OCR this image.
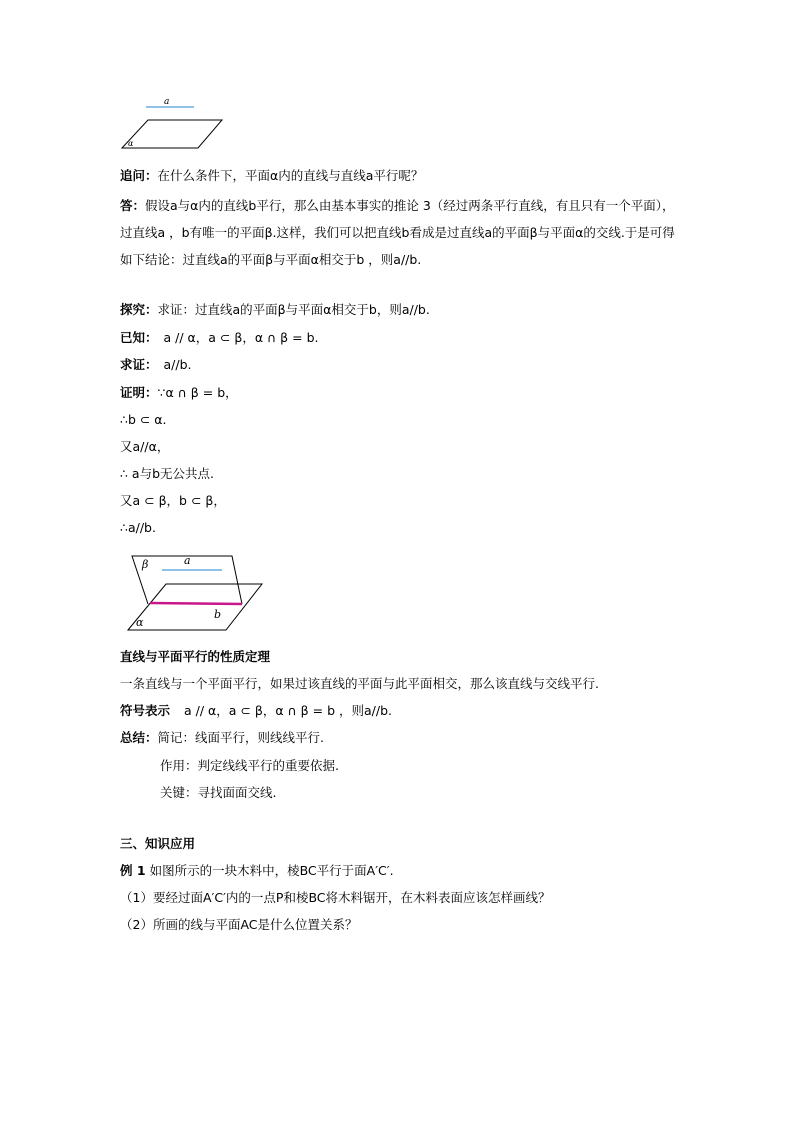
a
α
追问：在什么条件下，平面α内的直线与直线a平行呢？
答：假设a与α内的直线b平行，那么由基本事实的推论 3（经过两条平行直线，有且只有一个平面），过直线a ，b有唯一的平面β.这样，我们可以把直线b看成是过直线a的平面β与平面α的交线.于是可得如下结论：过直线a的平面β与平面α相交于b ，则a//b.
探究：求证：过直线a的平面β与平面α相交于b，则a//b.
已知： a // α，a ⊂ β，α ∩ β = b.
求证： a//b.
证明：∵α ∩ β = b，
∴b ⊂ α.
又a//α，
∴ a与b无公共点.
又a ⊂ β，b ⊂ β，
∴a//b.
β	a
α
b
直线与平面平行的性质定理
一条直线与一个平面平行，如果过该直线的平面与此平面相交，那么该直线与交线平行.
符号表示 a // α，a ⊂ β，α ∩ β = b ，则a//b.
总结：简记：线面平行，则线线平行.
作用：判定线线平行的重要依据.
关键：寻找面面交线.
三、知识应用
例 1 如图所示的一块木料中，棱BC平行于面A′C′.
（1）要经过面A′C′内的一点P和棱BC将木料锯开，在木料表面应该怎样画线？
（2）所画的线与平面AC是什么位置关系？
